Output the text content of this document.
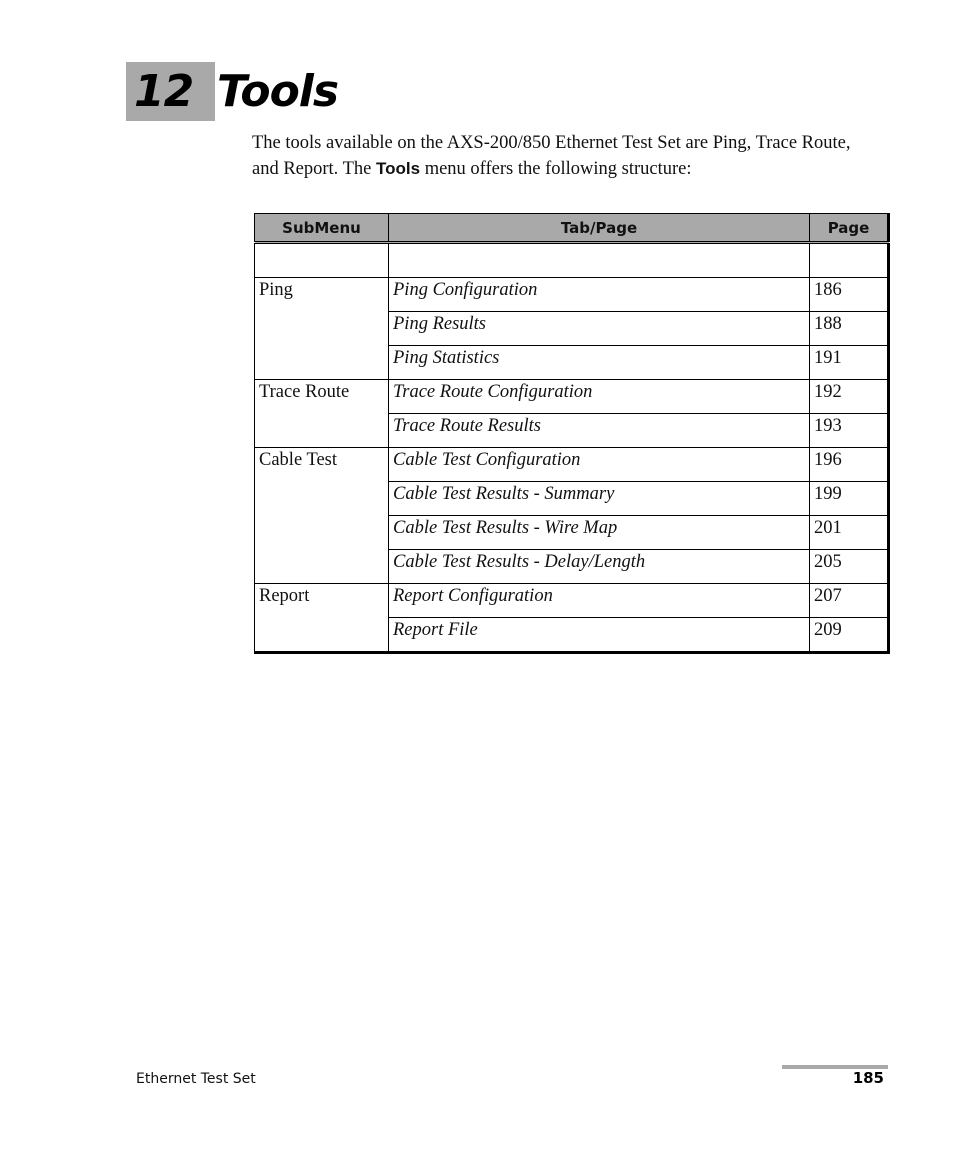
12 Tools

The tools available on the AXS-200/850 Ethernet Test Set are Ping, Trace Route, and Report. The Tools menu offers the following structure:

SubMenu	Tab/Page	Page

Ping	Ping Configuration	186
	Ping Results	188
	Ping Statistics	191
Trace Route	Trace Route Configuration	192
	Trace Route Results	193
Cable Test	Cable Test Configuration	196
	Cable Test Results - Summary	199
	Cable Test Results - Wire Map	201
	Cable Test Results - Delay/Length	205
Report	Report Configuration	207
	Report File	209
Ethernet Test Set	185
